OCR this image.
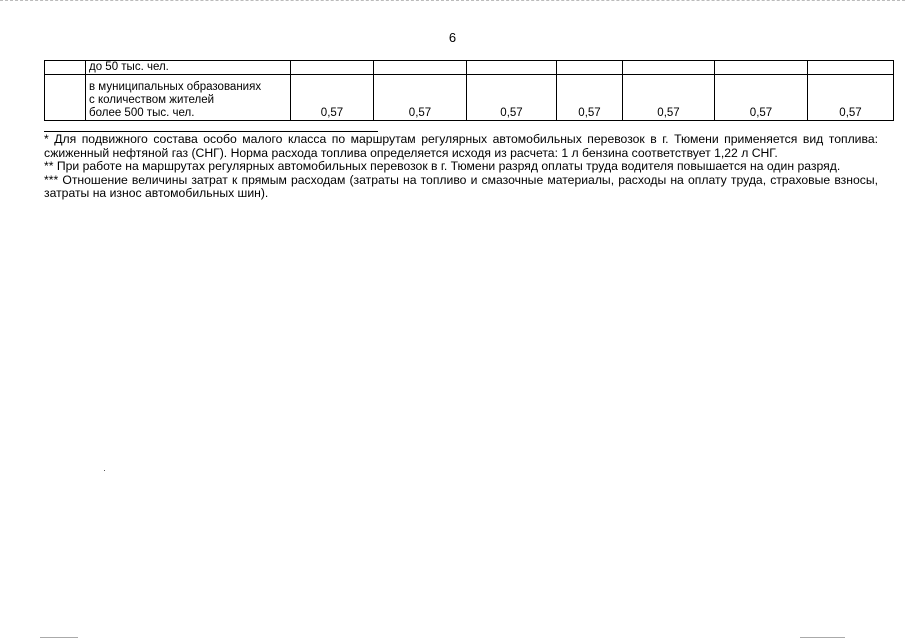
6
	до 50 тыс. чел.							

	в муниципальных образованиях
с количеством жителей
более 500 тыс. чел.	0,57	0,57	0,57	0,57	0,57	0,57	0,57

* Для подвижного состава особо малого класса по маршрутам регулярных автомобильных перевозок в г. Тюмени применяется вид топлива: сжиженный нефтяной газ (СНГ). Норма расхода топлива определяется исходя из расчета: 1 л бензина соответствует 1,22 л СНГ.

** При работе на маршрутах регулярных автомобильных перевозок в г. Тюмени разряд оплаты труда водителя повышается на один разряд.

*** Отношение величины затрат к прямым расходам (затраты на топливо и смазочные материалы, расходы на оплату труда, страховые взносы, затраты на износ автомобильных шин).
